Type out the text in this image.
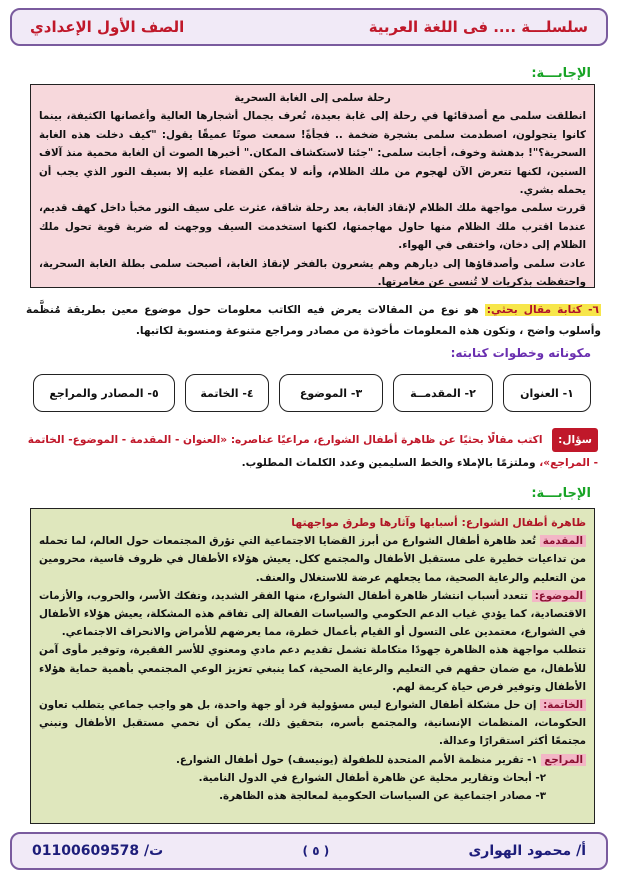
سلسلـــة .... فى اللغة العربية
الصف الأول الإعدادي
الإجابـــة:

رحلة سلمى إلى الغابة السحرية

انطلقت سلمى مع أصدقائها في رحلة إلى غابة بعيدة، تُعرف بجمال أشجارها العالية وأغصانها الكثيفة، بينما كانوا يتجولون، اصطدمت سلمى بشجرة ضخمة .. فجأةً! سمعت صوتًا عميقًا يقول: "كيف دخلت هذه الغابة السحرية؟"! بدهشة وخوف، أجابت سلمى: "جئنا لاستكشاف المكان." أخبرها الصوت أن الغابة محمية منذ آلاف السنين، لكنها تتعرض الآن لهجوم من ملك الظلام، وأنه لا يمكن القضاء عليه إلا بسيف النور الذي يجب أن يحمله بشري.

قررت سلمى مواجهة ملك الظلام لإنقاذ الغابة، بعد رحلة شاقة، عثرت على سيف النور مخبأ داخل كهف قديم، عندما اقترب ملك الظلام منها حاول مهاجمتها، لكنها استخدمت السيف ووجهت له ضربة قوية تحول ملك الظلام إلى دخان، واختفى في الهواء.

عادت سلمى وأصدقاؤها إلى ديارهم وهم يشعرون بالفخر لإنقاذ الغابة، أصبحت سلمى بطلة الغابة السحرية، واحتفظت بذكريات لا تُنسى عن مغامرتها.

٦- كتابة مقال بحثي: هو نوع من المقالات يعرض فيه الكاتب معلومات حول موضوع معين بطريقة مُنظَّمة وأسلوب واضح ، وتكون هذه المعلومات مأخوذة من مصادر ومراجع متنوعة ومنسوبة لكاتبها.
مكوناته وخطوات كتابته:
١- العنوان
٢- المقدمــة
٣- الموضوع
٤- الخاتمة
٥- المصادر والمراجع
سؤال: اكتب مقالًا بحثيًا عن ظاهرة أطفال الشوارع، مراعيًا عناصره: «العنوان - المقدمة - الموضوع- الخاتمة - المراجع»، وملتزمًا بالإملاء والخط السليمين وعدد الكلمات المطلوب.
الإجابـــة:

ظاهرة أطفال الشوارع: أسبابها وآثارها وطرق مواجهتها

المقدمة تُعد ظاهرة أطفال الشوارع من أبرز القضايا الاجتماعية التي تؤرق المجتمعات حول العالم، لما تحمله من تداعيات خطيرة على مستقبل الأطفال والمجتمع ككل. يعيش هؤلاء الأطفال في ظروف قاسية، محرومين من التعليم والرعاية الصحية، مما يجعلهم عرضة للاستغلال والعنف.

الموضوع: تتعدد أسباب انتشار ظاهرة أطفال الشوارع، منها الفقر الشديد، وتفكك الأسر، والحروب، والأزمات الاقتصادية، كما يؤدي غياب الدعم الحكومي والسياسات الفعالة إلى تفاقم هذه المشكلة، يعيش هؤلاء الأطفال في الشوارع، معتمدين على التسول أو القيام بأعمال خطرة، مما يعرضهم للأمراض والانحراف الاجتماعي.

تتطلب مواجهة هذه الظاهرة جهودًا متكاملة تشمل تقديم دعم مادي ومعنوي للأسر الفقيرة، وتوفير مأوى آمن للأطفال، مع ضمان حقهم في التعليم والرعاية الصحية، كما ينبغي تعزيز الوعي المجتمعي بأهمية حماية هؤلاء الأطفال وتوفير فرص حياة كريمة لهم.

الخاتمة: إن حل مشكلة أطفال الشوارع ليس مسؤولية فرد أو جهة واحدة، بل هو واجب جماعي يتطلب تعاون الحكومات، المنظمات الإنسانية، والمجتمع بأسره، بتحقيق ذلك، يمكن أن نحمي مستقبل الأطفال ونبني مجتمعًا أكثر استقرارًا وعدالة.

المراجع ١- تقرير منظمة الأمم المتحدة للطفولة (يونيسف) حول أطفال الشوارع.

٢- أبحاث وتقارير محلية عن ظاهرة أطفال الشوارع في الدول النامية.

٣- مصادر اجتماعية عن السياسات الحكومية لمعالجة هذه الظاهرة.

أ/ محمود الهوارى
( ٥ )
ت/ 01100609578
